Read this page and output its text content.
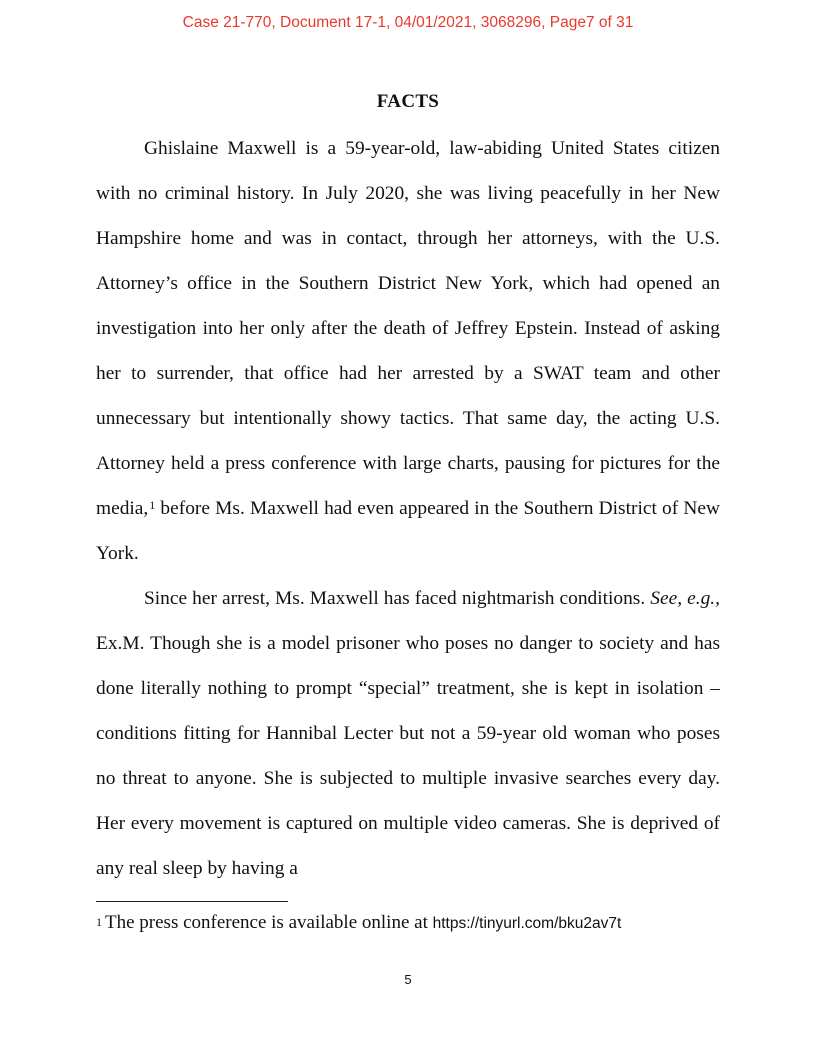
Case 21-770, Document 17-1, 04/01/2021, 3068296, Page7 of 31
FACTS

Ghislaine Maxwell is a 59-year-old, law-abiding United States citizen with no criminal history. In July 2020, she was living peacefully in her New Hampshire home and was in contact, through her attorneys, with the U.S. Attorney’s office in the Southern District New York, which had opened an investigation into her only after the death of Jeffrey Epstein. Instead of asking her to surrender, that office had her arrested by a SWAT team and other unnecessary but intentionally showy tactics. That same day, the acting U.S. Attorney held a press conference with large charts, pausing for pictures for the media,$^1$ before Ms. Maxwell had even appeared in the Southern District of New York.

Since her arrest, Ms. Maxwell has faced nightmarish conditions. See, e.g., Ex.M. Though she is a model prisoner who poses no danger to society and has done literally nothing to prompt “special” treatment, she is kept in isolation – conditions fitting for Hannibal Lecter but not a 59-year old woman who poses no threat to anyone. She is subjected to multiple invasive searches every day. Her every movement is captured on multiple video cameras. She is deprived of any real sleep by having a

$^1$ The press conference is available online at https://tinyurl.com/bku2av7t
5
